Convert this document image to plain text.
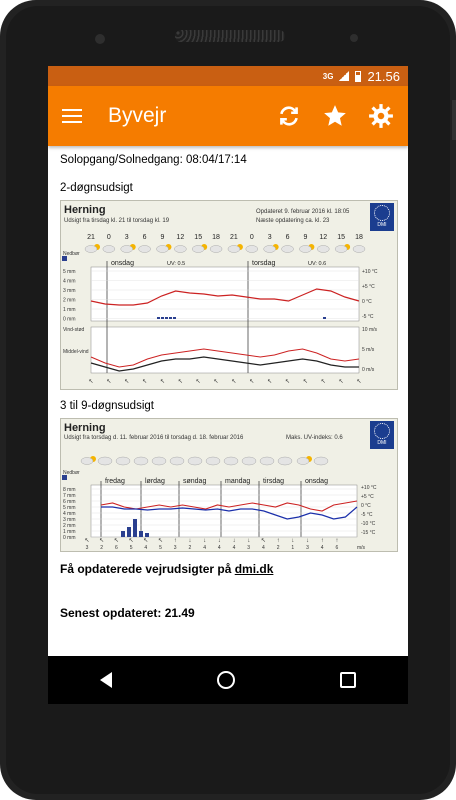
3G	21.56
Byvejr
Solopgang/Solnedgang: 08:04/17:14
2-døgnsudsigt
Herning
Udsigt fra tirsdag kl. 21 til torsdag kl. 19
Opdateret 9. februar 2016 kl. 18:05
Næste opdatering ca. kl. 23
DMI
21 0 3 6 9 12 15 18 21 0 3 6 9 12 15 18
Nedbør
onsdag	UV: 0.5	torsdag	UV: 0.6
5 mm
4 mm
3 mm
2 mm
1 mm
0 mm
+10 °C
+5 °C
0 °C
-5 °C
Vind-stød
Middel-vind
10 m/s
5 m/s
0 m/s
↖ ↖ ↖ ↖ ↖ ↖ ↖ ↖ ↖ ↖ ↖ ↖ ↖ ↖ ↖ ↖
3 til 9-døgnsudsigt
Herning
Udsigt fra torsdag d. 11. februar 2016 til torsdag d. 18. februar 2016	Maks. UV-indeks: 0.6
DMI
Nedbør
fredag	lørdag	søndag	mandag tirsdag	onsdag
8 mm
7 mm
6 mm
5 mm
4 mm
3 mm
2 mm
1 mm
0 mm
+10 °C
+5 °C
0 °C
-5 °C
-10 °C
-15 °C
↖
3
↖
2
↖
6
↖
5
↖
4
↖
5
↑
3
↓
2
↓
4
↓
4
↓
4
↓
3
↖
4
↑
2
↓
1
↓
3
↑
4
↑
6	m/s
Få opdaterede vejrudsigter på dmi.dk
Senest opdateret: 21.49
